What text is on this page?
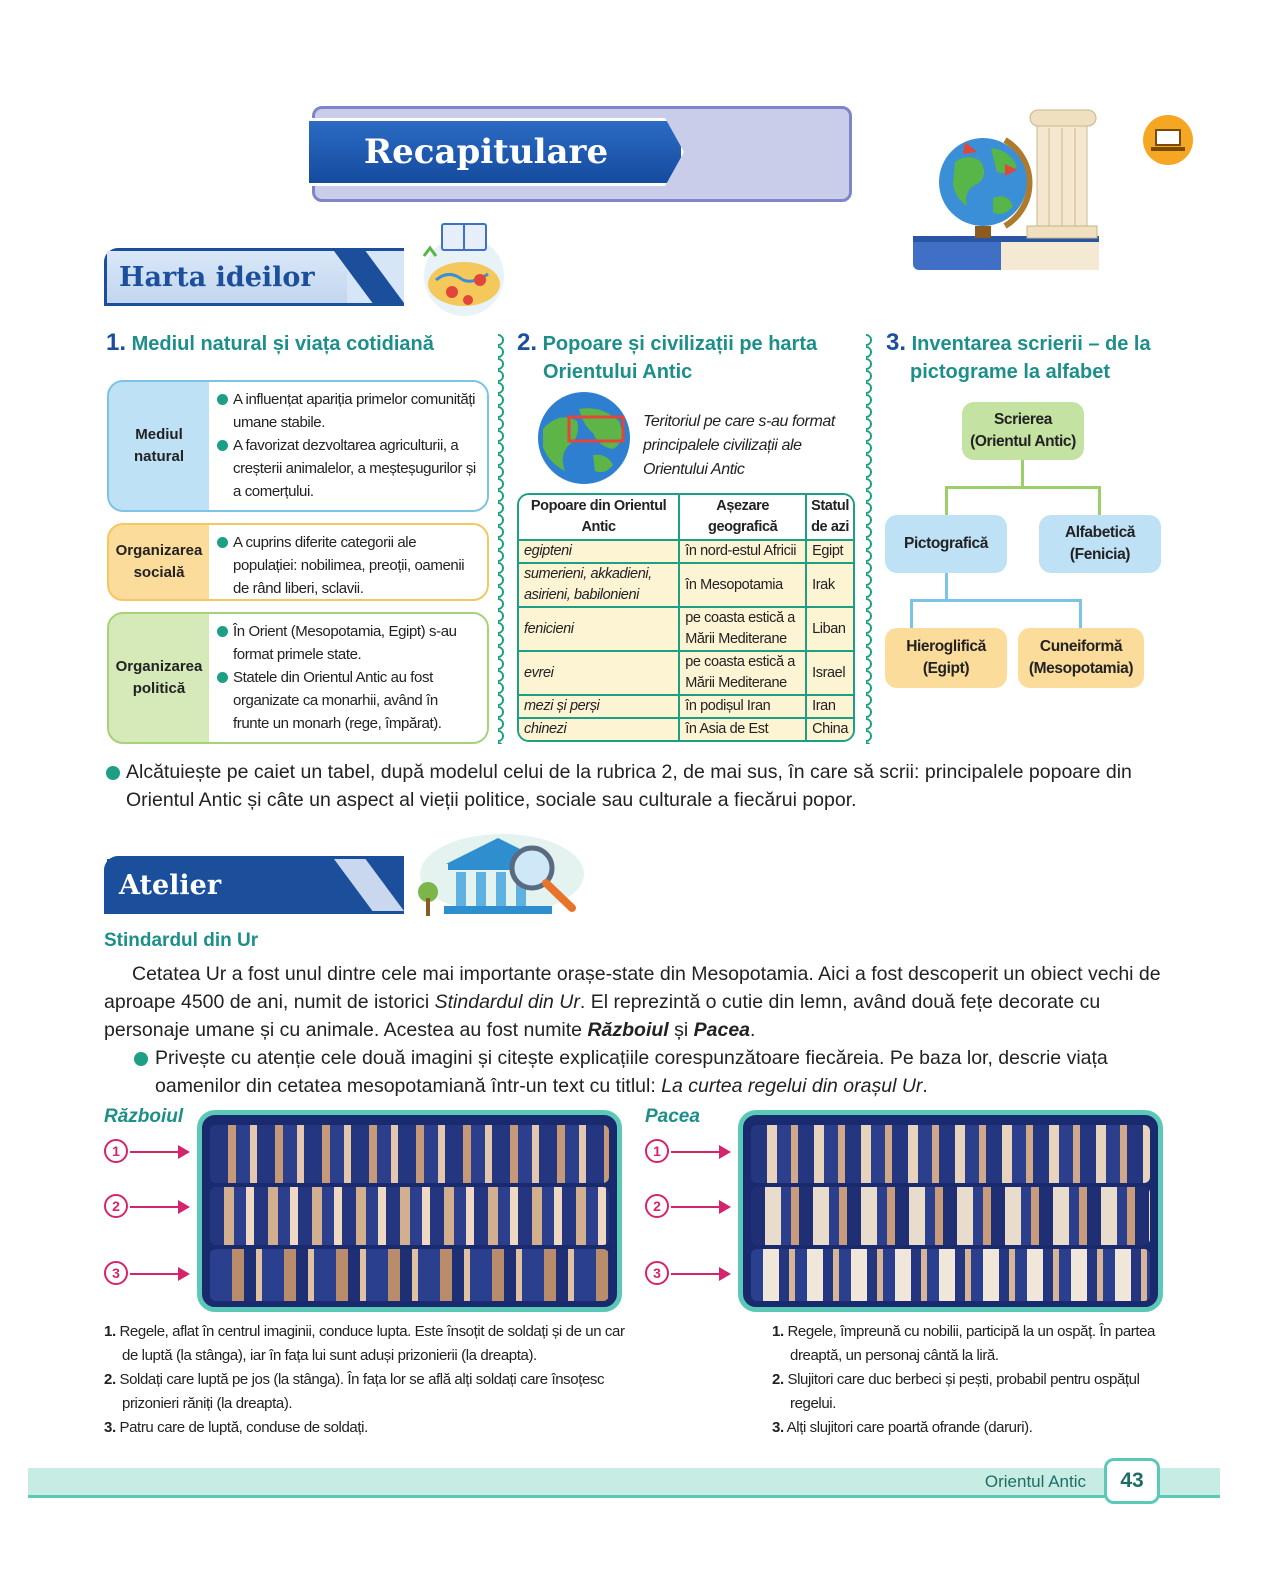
Recapitulare
Harta ideilor
1. Mediul natural și viața cotidiană
Mediul
natural
A influențat apariția primelor comunități umane stabile.
A favorizat dezvoltarea agriculturii, a creșterii animalelor, a meșteșugurilor și a comerțului.
Organizarea
socială
A cuprins diferite categorii ale populației: nobilimea, preoții, oamenii de rând liberi, sclavii.
Organizarea
politică
În Orient (Mesopotamia, Egipt) s-au format primele state.
Statele din Orientul Antic au fost organizate ca monarhii, având în frunte un monarh (rege, împărat).
2. Popoare și civilizații pe harta
Orientului Antic
Teritoriul pe care s-au format principalele civilizații ale Orientului Antic
Popoare din Orientul Antic	Așezare geografică	Statul de azi
egipteni	în nord-estul Africii	Egipt
sumerieni, akkadieni, asirieni, babilonieni	în Mesopotamia	Irak
fenicieni	pe coasta estică a Mării Mediterane	Liban
evrei	pe coasta estică a Mării Mediterane	Israel
mezi și perși	în podișul Iran	Iran
chinezi	în Asia de Est	China
3. Inventarea scrierii – de la
pictograme la alfabet
Scrierea
(Orientul Antic)
Pictografică
Alfabetică
(Fenicia)
Hieroglifică
(Egipt)
Cuneiformă
(Mesopotamia)
Alcătuiește pe caiet un tabel, după modelul celui de la rubrica 2, de mai sus, în care să scrii: principalele popoare din Orientul Antic și câte un aspect al vieții politice, sociale sau culturale a fiecărui popor.
Atelier
Stindardul din Ur
Cetatea Ur a fost unul dintre cele mai importante orașe-state din Mesopotamia. Aici a fost descoperit un obiect vechi de aproape 4500 de ani, numit de istorici Stindardul din Ur. El reprezintă o cutie din lemn, având două fețe decorate cu personaje umane și cu animale. Acestea au fost numite Războiul și Pacea.
Privește cu atenție cele două imagini și citește explicațiile corespunzătoare fiecăreia. Pe baza lor, descrie viața oamenilor din cetatea mesopotamiană într-un text cu titlul: La curtea regelui din orașul Ur.
Războiul
1
2
3
Pacea
1
2
3
1. Regele, aflat în centrul imaginii, conduce lupta. Este însoțit de soldați și de un car de luptă (la stânga), iar în fața lui sunt aduși prizonierii (la dreapta).
2. Soldați care luptă pe jos (la stânga). În fața lor se află alți soldați care însoțesc prizonieri răniți (la dreapta).
3. Patru care de luptă, conduse de soldați.
1. Regele, împreună cu nobilii, participă la un ospăț. În partea dreaptă, un personaj cântă la liră.
2. Slujitori care duc berbeci și pești, probabil pentru ospățul regelui.
3. Alți slujitori care poartă ofrande (daruri).
Orientul Antic	43
